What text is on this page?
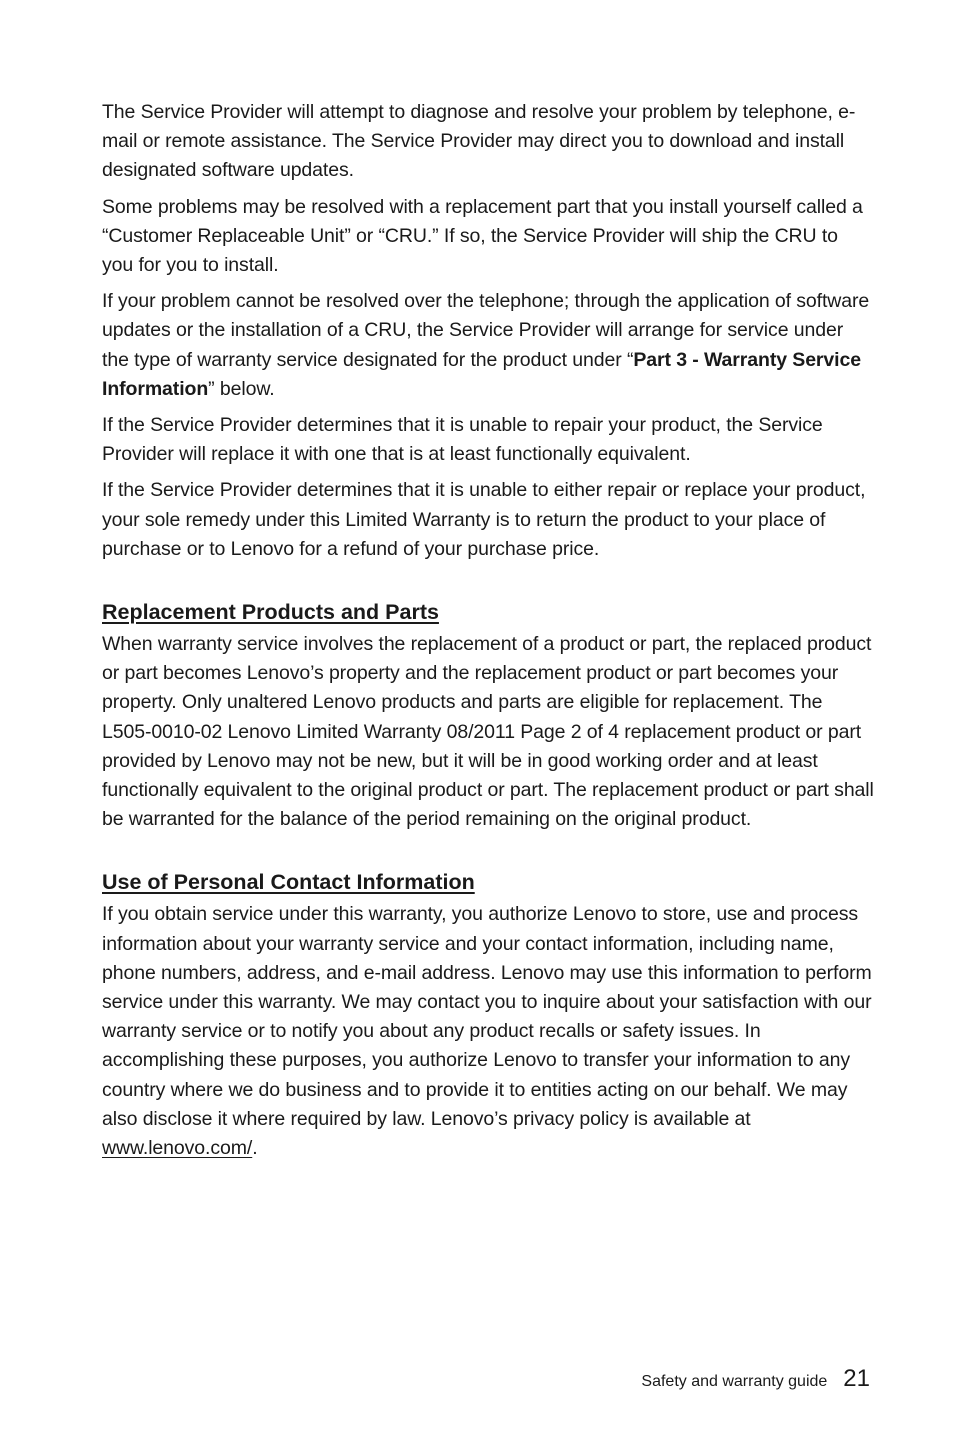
The Service Provider will attempt to diagnose and resolve your problem by telephone, e-mail or remote assistance. The Service Provider may direct you to download and install designated software updates.

Some problems may be resolved with a replacement part that you install yourself called a “Customer Replaceable Unit” or “CRU.” If so, the Service Provider will ship the CRU to you for you to install.

If your problem cannot be resolved over the telephone; through the application of software updates or the installation of a CRU, the Service Provider will arrange for service under the type of warranty service designated for the product under “Part 3 - Warranty Service Information” below.

If the Service Provider determines that it is unable to repair your product, the Service Provider will replace it with one that is at least functionally equivalent.

If the Service Provider determines that it is unable to either repair or replace your product, your sole remedy under this Limited Warranty is to return the product to your place of purchase or to Lenovo for a refund of your purchase price.

Replacement Products and Parts

When warranty service involves the replacement of a product or part, the replaced product or part becomes Lenovo’s property and the replacement product or part becomes your property. Only unaltered Lenovo products and parts are eligible for replacement. The L505-0010-02 Lenovo Limited Warranty 08/2011 Page 2 of 4 replacement product or part provided by Lenovo may not be new, but it will be in good working order and at least functionally equivalent to the original product or part. The replacement product or part shall be warranted for the balance of the period remaining on the original product.

Use of Personal Contact Information

If you obtain service under this warranty, you authorize Lenovo to store, use and process information about your warranty service and your contact information, including name, phone numbers, address, and e-mail address. Lenovo may use this information to perform service under this warranty. We may contact you to inquire about your satisfaction with our warranty service or to notify you about any product recalls or safety issues. In accomplishing these purposes, you authorize Lenovo to transfer your information to any country where we do business and to provide it to entities acting on our behalf. We may also disclose it where required by law. Lenovo’s privacy policy is available at www.lenovo.com/.

Safety and warranty guide 21
